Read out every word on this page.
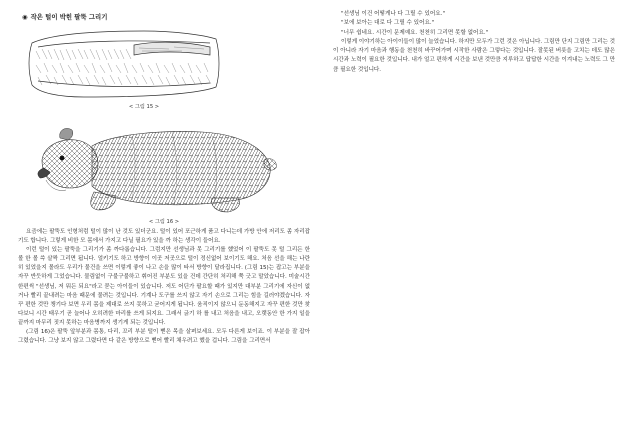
◉ 작은 털이 박힌 팔뚝 그리기
< 그림 15 >
< 그림 16 >

요즘에는 팔뚝도 인형처럼 털이 많이 난 것도 있더군요. 털이 있어 포근하게 품고 다니는데 가방 안에 저리도 좀 자리잡기도 합니다. 그렇게 비한 모 몸에서 가지고 다닐 필요가 있을 까 하는 생각이 들어요.

이런 털이 있는 팔뚝을 그리기가 좀 까다롭습니다. 그럼지만 선생님과 못 그리기를 했었어 이 팔뚝도 못 털 그리든 한 볼 한 볼 쓱 살짝 그리면 됩니다. 얼키기도 하고 방향이 이곳 저곳으로 털이 정신없어 보이기도 해요. 처음 선을 해는 나란히 있었을지 몰라도 우리가 물건을 쓰면 이렇게 좋이 나고 손을 많이 타서 방향이 달라집니다. (그림 15)는 잡고는 부분을 자꾸 반듯하게 그었습니다. 물림없이 구불구불하고 휘어진 부분도 있을 건데 간단히 처리해 쭉 긋고 말았습니다. 미술시간 한편씩 "선생님, 저 뭐든 되요"라고 묻는 아이들이 있습니다. 저도 어딘가 팔요할 때가 있지만 대부분 그리기에 자신이 없거나 빨리 끝내려는 마음 때문에 물려는 것입니다. 기계나 도구를 쓰지 않고 자기 손으로 그리는 힘을 길러야겠습니다. 자꾸 편한 것만 챙기다 보면 우리 몸을 제대로 쓰지 못하고 굳어지게 됩니다. 움직이지 않으니 둔동해지고 자꾸 편한 것만 찾다보니 시간 태우기 곧 늘어나 오히려한 마리를 쓰게 되지요. 그래서 긁기 하 를 내고 처음을 내고, 오랫동안 한 가지 일을 끝까지 마무리 짓지 못하는 마음병까지 생기게 되는 것입니다.

(그림 16)은 팔뚝 앞부분과 몸통, 다리, 꼬리 부분 털이 뻗은 목을 살펴보세요. 모두 다른게 보이죠. 이 부분을 잘 잡아 그렸습니다. 그냥 보지 않고 그렸다면 다 같은 방향으로 뻗어 빨리 채우려고 했을 겁니다. 그림을 그리면서

"선생님 이건 어떻게나 다 그릴 수 있어요."

"보에 보아는 대로 다 그릴 수 있어요."

"너무 쉽네요. 시간이 문제예요. 천천히 그리면 못할 없어요."

이렇게 이야기하는 아이이들이 많이 늘었습니다. 하지만 모두가 그런 것은 아닙니다. 그림만 단지 그림만 그리는 것이 아니라 자기 마음과 행동을 천천히 바꾸어가며 시작한 사람은 그렇다는 것입니다. 잘못된 버릇을 고치는 데도 많은 시간과 노력이 필요한 것입니다. 내가 얼고 편하게 시간을 보낸 것만큼 지루하고 답답한 시간을 이겨내는 노력도 그 만큼 필요한 것입니다.
